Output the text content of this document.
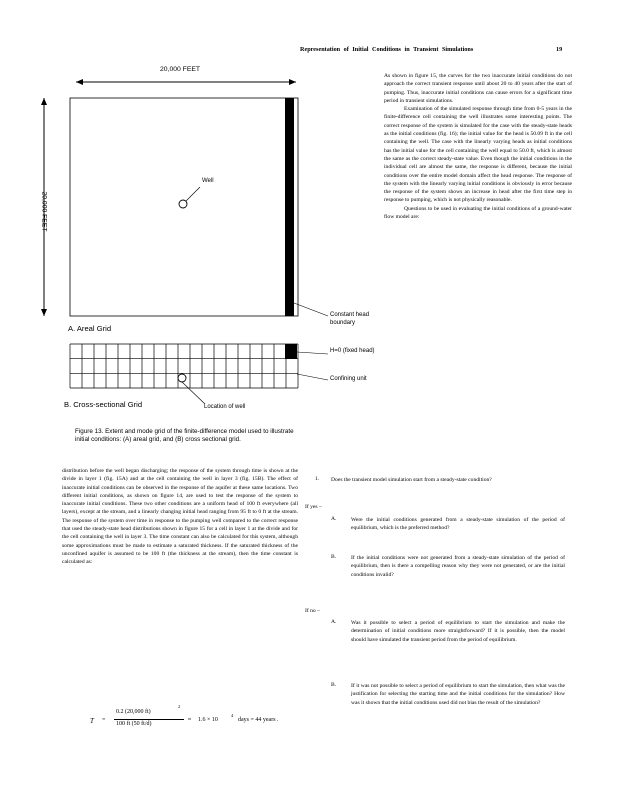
Representation of Initial Conditions in Transient Simulations	19
20,000 FEET
20,000 FEET
Well
A. Areal Grid
Constant head boundary
H=0 (fixed head)
Confining unit
B. Cross-sectional Grid	Location of well
Figure 13. Extent and mode grid of the finite-difference model used to illustrate initial conditions: (A) areal grid, and (B) cross sectional grid.

As shown in figure 15, the curves for the two inaccurate initial conditions do not approach the correct transient response until about 20 to 40 years after the start of pumping. Thus, inaccurate initial conditions can cause errors for a significant time period in transient simulations.

Examination of the simulated response through time from 0-5 years in the finite-difference cell containing the well illustrates some interesting points. The correct response of the system is simulated for the case with the steady-state heads as the initial conditions (fig. 16); the initial value for the head is 50.09 ft in the cell containing the well. The case with the linearly varying heads as initial conditions has the initial value for the cell containing the well equal to 50.0 ft, which is almost the same as the correct steady-state value. Even though the initial conditions in the individual cell are almost the same, the response is different, because the initial conditions over the entire model domain affect the head response. The response of the system with the linearly varying initial conditions is obviously in error because the response of the system shows an increase in head after the first time step in response to pumping, which is not physically reasonable.

Questions to be used in evaluating the initial conditions of a ground-water flow model are:

distribution before the well began discharging; the response of the system through time is shown at the divide in layer 1 (fig. 15A) and at the cell containing the well in layer 3 (fig. 15B). The effect of inaccurate initial conditions can be observed in the response of the aquifer at these same locations. Two different initial conditions, as shown on figure 14, are used to test the response of the system to inaccurate initial conditions. These two other conditions are a uniform head of 100 ft everywhere (all layers), except at the stream, and a linearly changing initial head ranging from 95 ft to 0 ft at the stream. The response of the system over time in response to the pumping well compared to the correct response that used the steady-state head distributions shown in figure 15 for a cell in layer 1 at the divide and for the cell containing the well in layer 3. The time constant can also be calculated for this system, although some approximations must be made to estimate a saturated thickness. If the saturated thickness of the unconfined aquifer is assumed to be 100 ft (the thickness at the stream), then the time constant is calculated as:
T =
0.2 (20,000 ft)
2
100 ft (50 ft/d)
≈ 1.6 × 10
4
days = 44 years .
1. Does the transient model simulation start from a steady-state condition?
If yes –
A.	Were the initial conditions generated from a steady-state simulation of the period of equilibrium, which is the preferred method?
B.	If the initial conditions were not generated from a steady-state simulation of the period of equilibrium, then is there a compelling reason why they were not generated, or are the initial conditions invalid?
If no –
A.	Was it possible to select a period of equilibrium to start the simulation and make the determination of initial conditions more straightforward? If it is possible, then the model should have simulated the transient period from the period of equilibrium.
B.	If it was not possible to select a period of equilibrium to start the simulation, then what was the justification for selecting the starting time and the initial conditions for the simulation? How was it shown that the initial conditions used did not bias the result of the simulation?
